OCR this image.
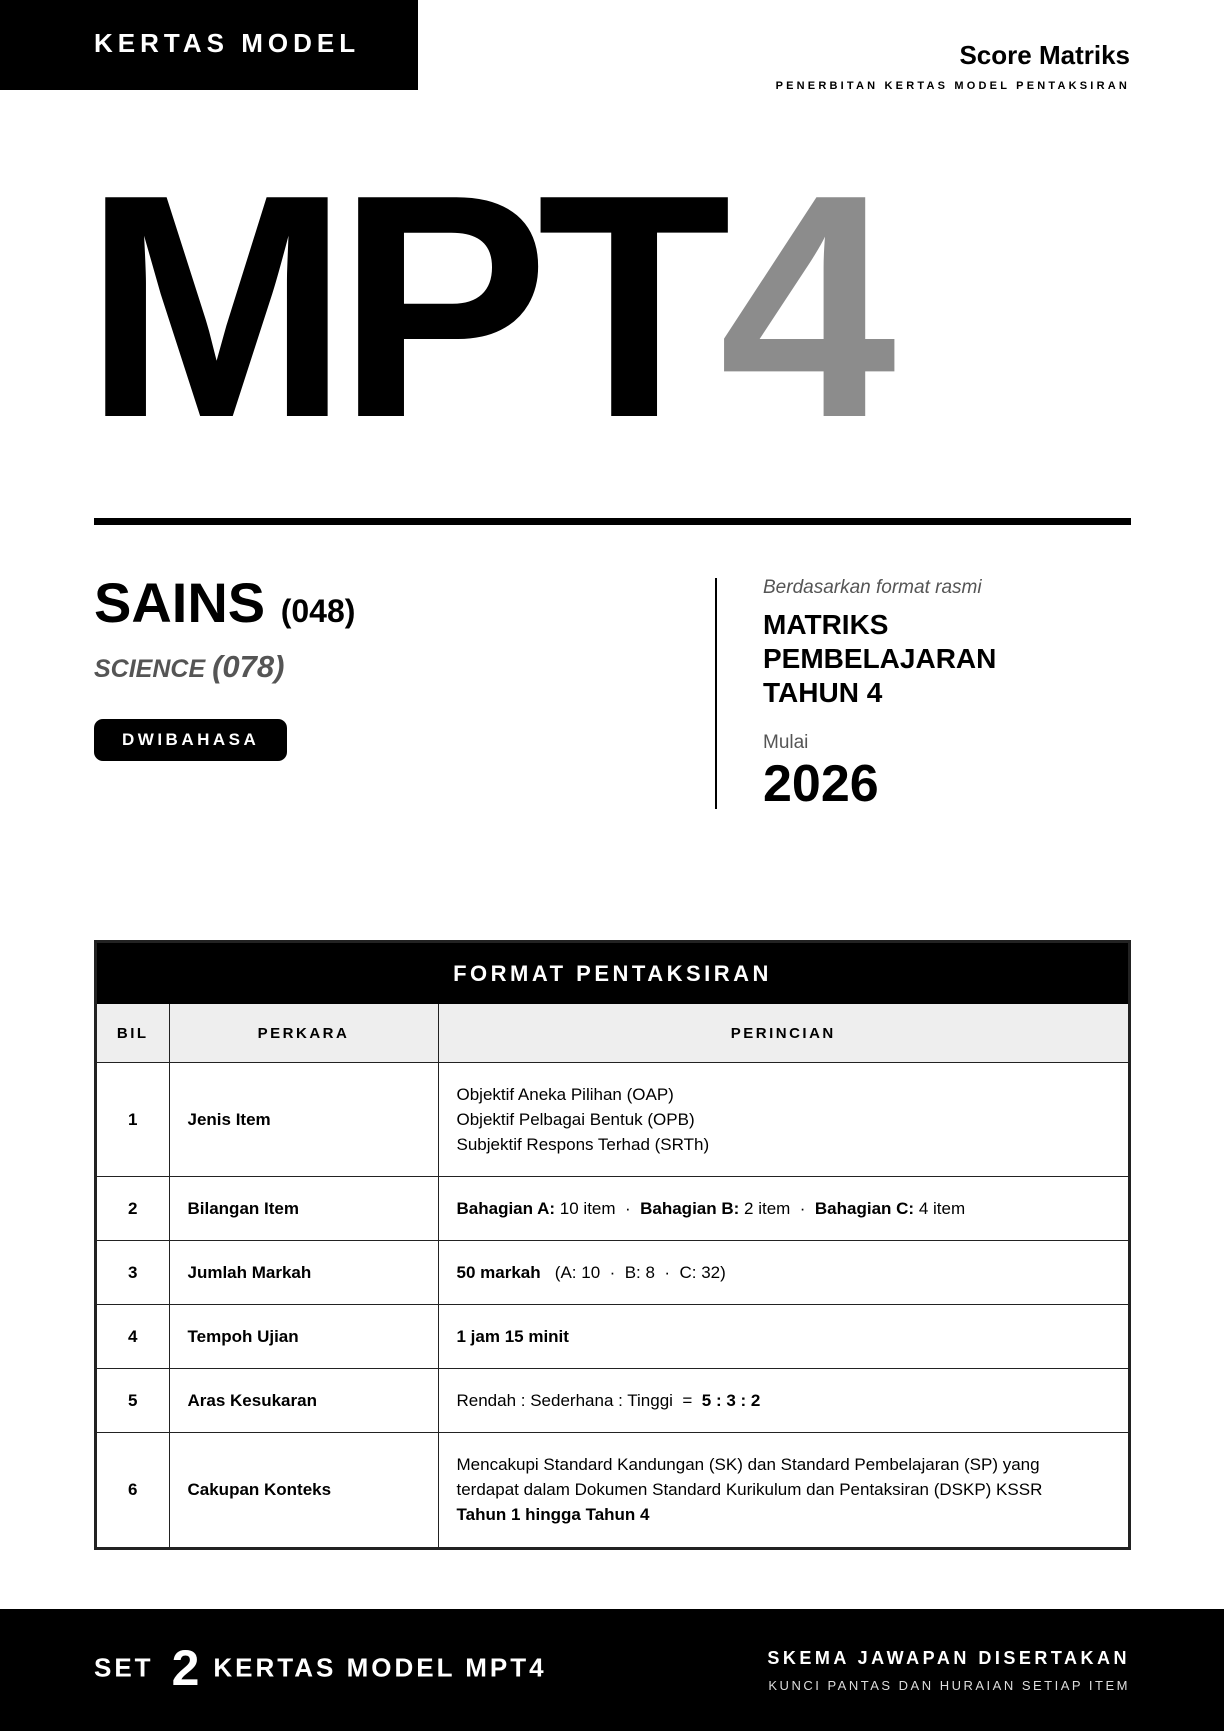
KERTAS MODEL	Score Matriks
PENERBITAN KERTAS MODEL PENTAKSIRAN
MPT4
SAINS (048)
SCIENCE (078)
DWIBAHASA
Berdasarkan format rasmi
MATRIKS
PEMBELAJARAN
TAHUN 4
Mulai
2026
FORMAT PENTAKSIRAN
BIL	PERKARA	PERINCIAN
1	Jenis Item	Objektif Aneka Pilihan (OAP)
Objektif Pelbagai Bentuk (OPB)
Subjektif Respons Terhad (SRTh)

2	Bilangan Item	Bahagian A: 10 item · Bahagian B: 2 item · Bahagian C: 4 item
3	Jumlah Markah	50 markah (A: 10  ·  B: 8  ·  C: 32)
4	Tempoh Ujian	1 jam 15 minit
5	Aras Kesukaran	Rendah : Sederhana : Tinggi  = 5 : 3 : 2
6	Cakupan Konteks	Mencakupi Standard Kandungan (SK) dan Standard Pembelajaran (SP) yang
terdapat dalam Dokumen Standard Kurikulum dan Pentaksiran (DSKP) KSSR
Tahun 1 hingga Tahun 4
SET 2 KERTAS MODEL MPT4	SKEMA JAWAPAN DISERTAKAN
KUNCI PANTAS DAN HURAIAN SETIAP ITEM
